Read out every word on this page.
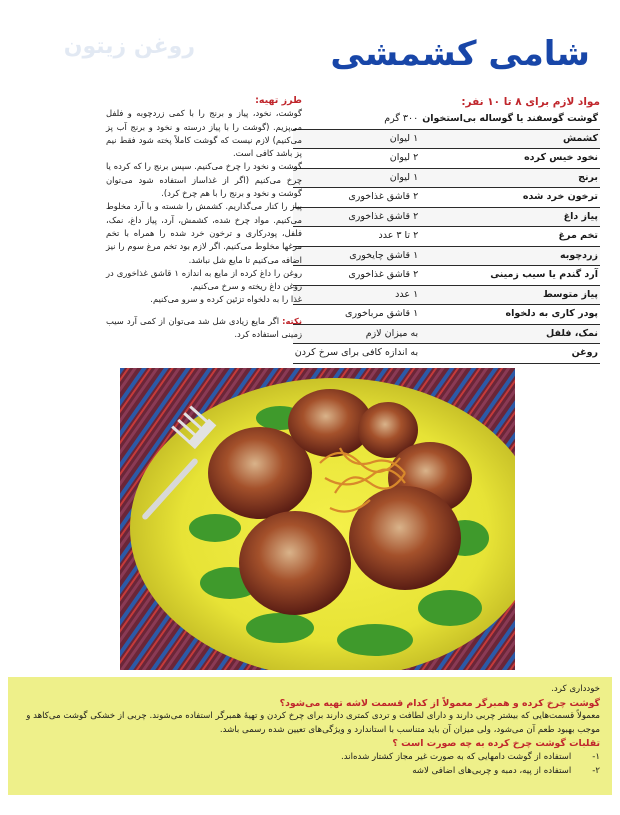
روغن زیتون	شامی کشمشی
مواد لازم برای ۸ تا ۱۰ نفر:
گوشت گوسفند یا گوساله بی‌استخوان	۳۰۰ گرم
کشمش	۱ لیوان
نخود خیس کرده	۲ لیوان
برنج	۱ لیوان
ترخون خرد شده	۲ قاشق غذاخوری
پیاز داغ	۲ قاشق غذاخوری
تخم مرغ	۲ تا ۳ عدد
زردچوبه	۱ قاشق چایخوری
آرد گندم یا سیب زمینی	۲ قاشق غذاخوری
پیاز متوسط	۱ عدد
پودر کاری به دلخواه	۱ قاشق مرباخوری
نمک، فلفل	به میزان لازم
روغن	به اندازه کافی برای سرخ کردن
طرز تهیه:

گوشت، نخود، پیاز و برنج را با کمی زردچوبه و فلفل می‌پزیم. (گوشت را با پیاز درسته و نخود و برنج آب پز می‌کنیم) لازم نیست که گوشت کاملاً پخته شود فقط نیم پز باشد کافی است.

گوشت و نخود را چرخ می‌کنیم. سپس برنج را که کرده یا چرخ می‌کنیم (اگر از غذاساز استفاده شود می‌توان گوشت و نخود و برنج را با هم چرخ کرد).

پیاز را کنار می‌گذاریم. کشمش را شسته و با آرد مخلوط می‌کنیم. مواد چرخ شده، کشمش، آرد، پیاز داغ، نمک، فلفل، پودرکاری و ترخون خرد شده را همراه با تخم مرغها مخلوط می‌کنیم. اگر لازم بود تخم مرغ سوم را نیز اضافه می‌کنیم تا مایع شل نباشد.

روغن را داغ کرده از مایع به اندازه ۱ قاشق غذاخوری در روغن داغ ریخته و سرخ می‌کنیم.

غذا را به دلخواه تزئین کرده و سرو می‌کنیم.

نکته: اگر مایع زیادی شل شد می‌توان از کمی آرد سیب زمینی استفاده کرد.

خودداری کرد.

گوشت چرخ کرده و همبرگر معمولاً از کدام قسمت لاشه تهیه می‌شود؟

معمولاً قسمت‌هایی که بیشتر چربی دارند و دارای لطافت و تردی کمتری دارند برای چرخ کردن و تهیهٔ همبرگر استفاده می‌شوند. چربی از خشکی گوشت می‌کاهد و موجب بهبود طعم آن می‌شود، ولی میزان آن باید متناسب با استاندارد و ویژگی‌های تعیین شده رسمی باشد.

تقلبات گوشت چرخ کرده به چه صورت است ؟

۱- استفاده از گوشت دامهایی که به صورت غیر مجاز کشتار شده‌اند.

۲- استفاده از پیه، دمبه و چربی‌های اضافی لاشه
